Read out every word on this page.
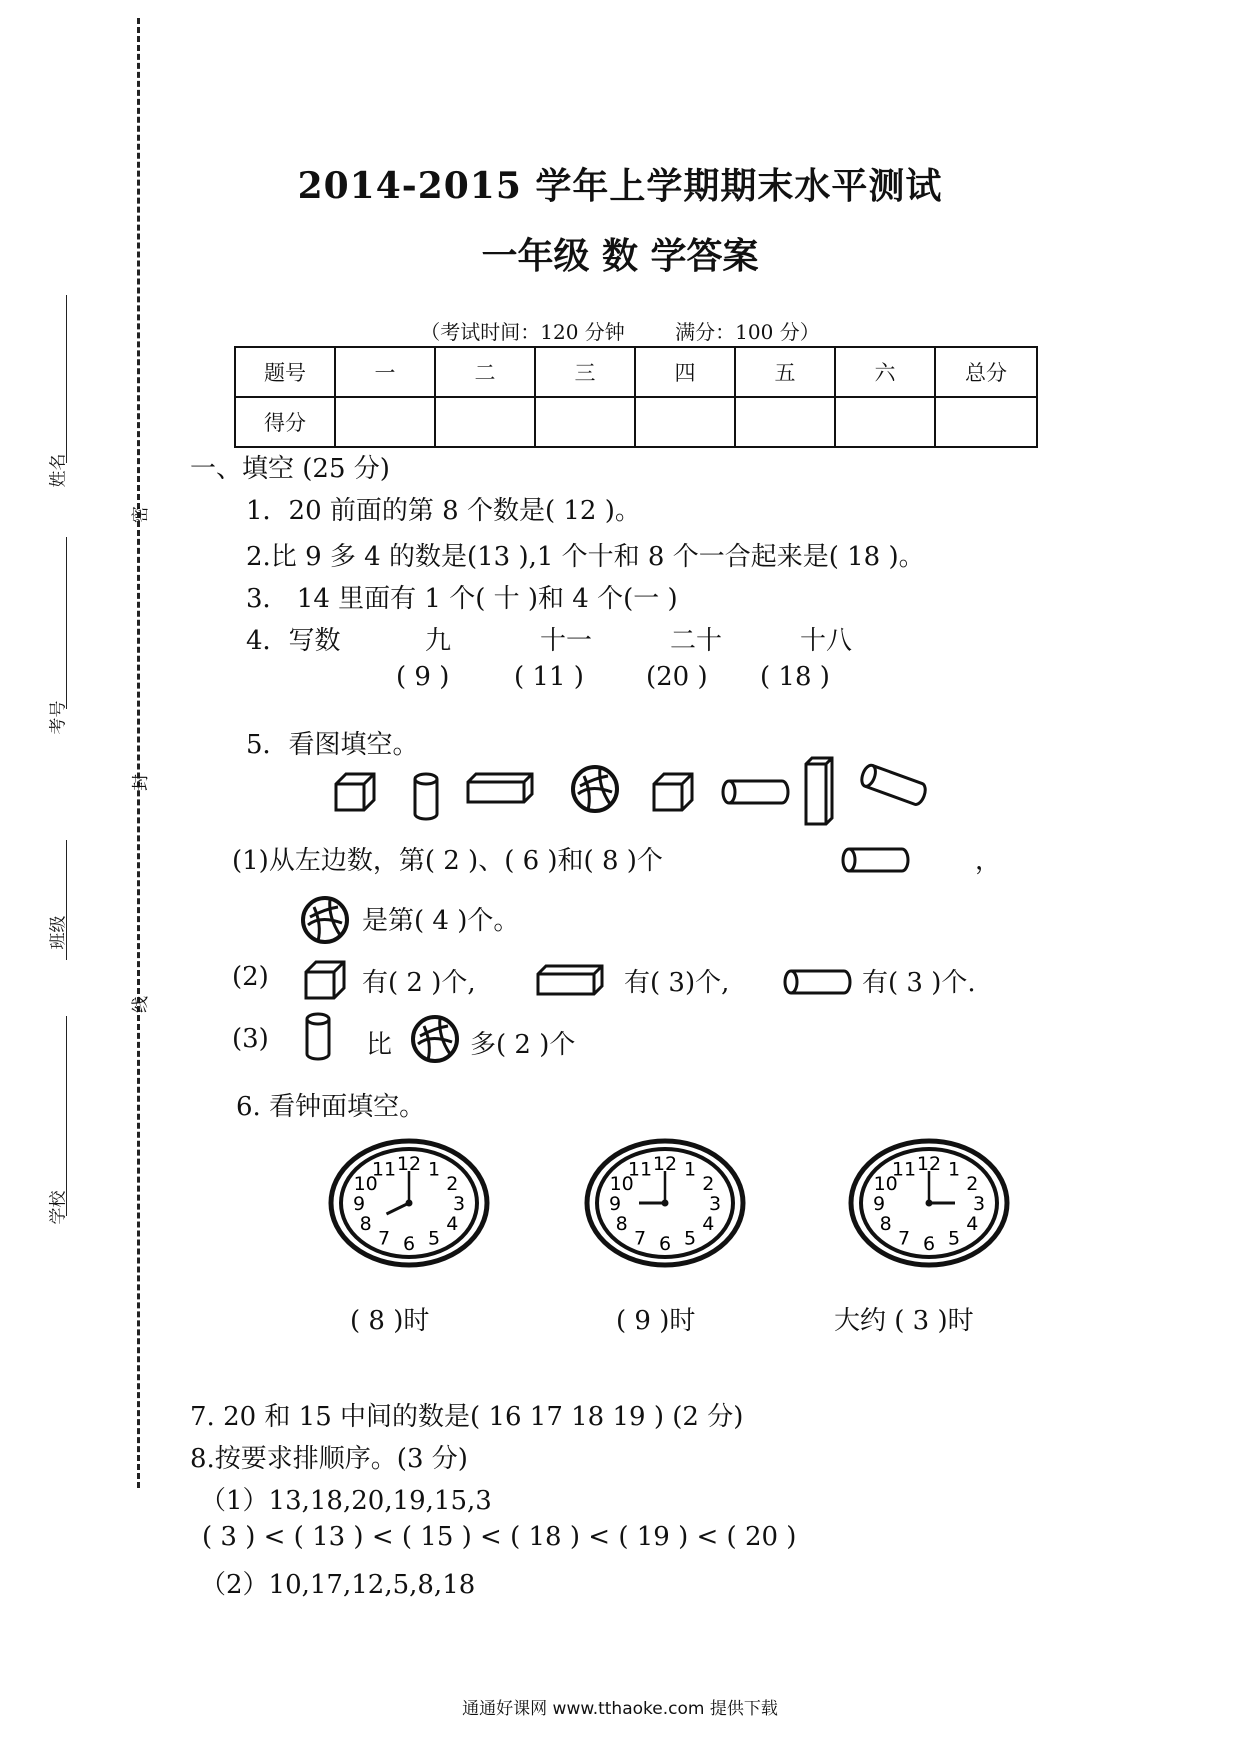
姓名
考号
班级
学校
密
封
线
2014-2015 学年上学期期末水平测试
一年级 数 学答案
（考试时间：120 分钟	满分：100 分）
题号	一	二	三	四	五	六	总分
得分							
一、填空 (25 分)
1．20 前面的第 8 个数是( 12 )。
2.比 9 多 4 的数是(13 ),1 个十和 8 个一合起来是( 18 )。
3． 14 里面有 1 个( 十 )和 4 个(一 )
4．写数	九	十一	二十	十八
( 9 ) ( 11 ) (20 ) ( 18 )
5．看图填空。
(1)从左边数，第( 2 )、( 6 )和( 8 )个	，
是第( 4 )个。
(2)	有( 2 )个,	有( 3)个,	有( 3 )个.
(3)	比	多( 2 )个
6. 看钟面填空。
1
2
3
4
5
6
7
8
9
10
11 12	1
2
3
4
5
6
7
8
9
10
11 12	1
2
3
4
5
6
7
8
9
10
11 12
( 8 )时	( 9 )时	大约 ( 3 )时
7. 20 和 15 中间的数是( 16 17 18 19 ) (2 分)
8.按要求排顺序。(3 分)
（1）13,18,20,19,15,3
( 3 ) < ( 13 ) < ( 15 ) < ( 18 ) < ( 19 ) < ( 20 )
（2）10,17,12,5,8,18
通通好课网 www.tthaoke.com 提供下载
